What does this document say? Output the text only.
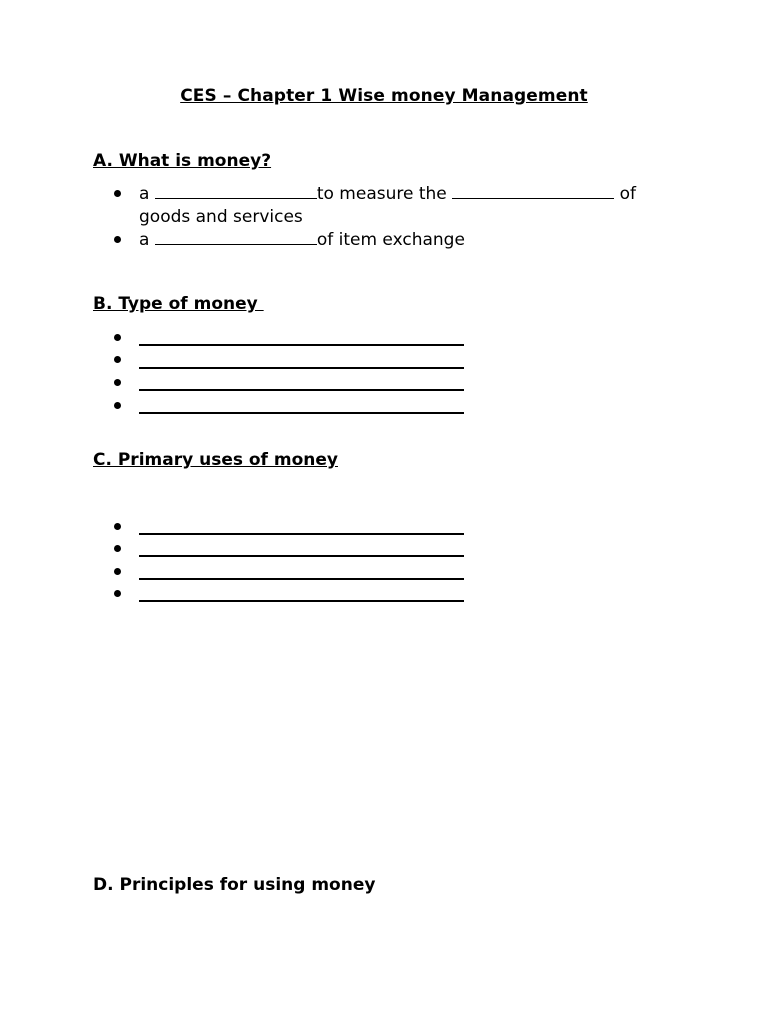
CES – Chapter 1 Wise money Management
A. What is money?
a	to measure the	of
goods and services
a	of item exchange
B. Type of money
C. Primary uses of money
D. Principles for using money
